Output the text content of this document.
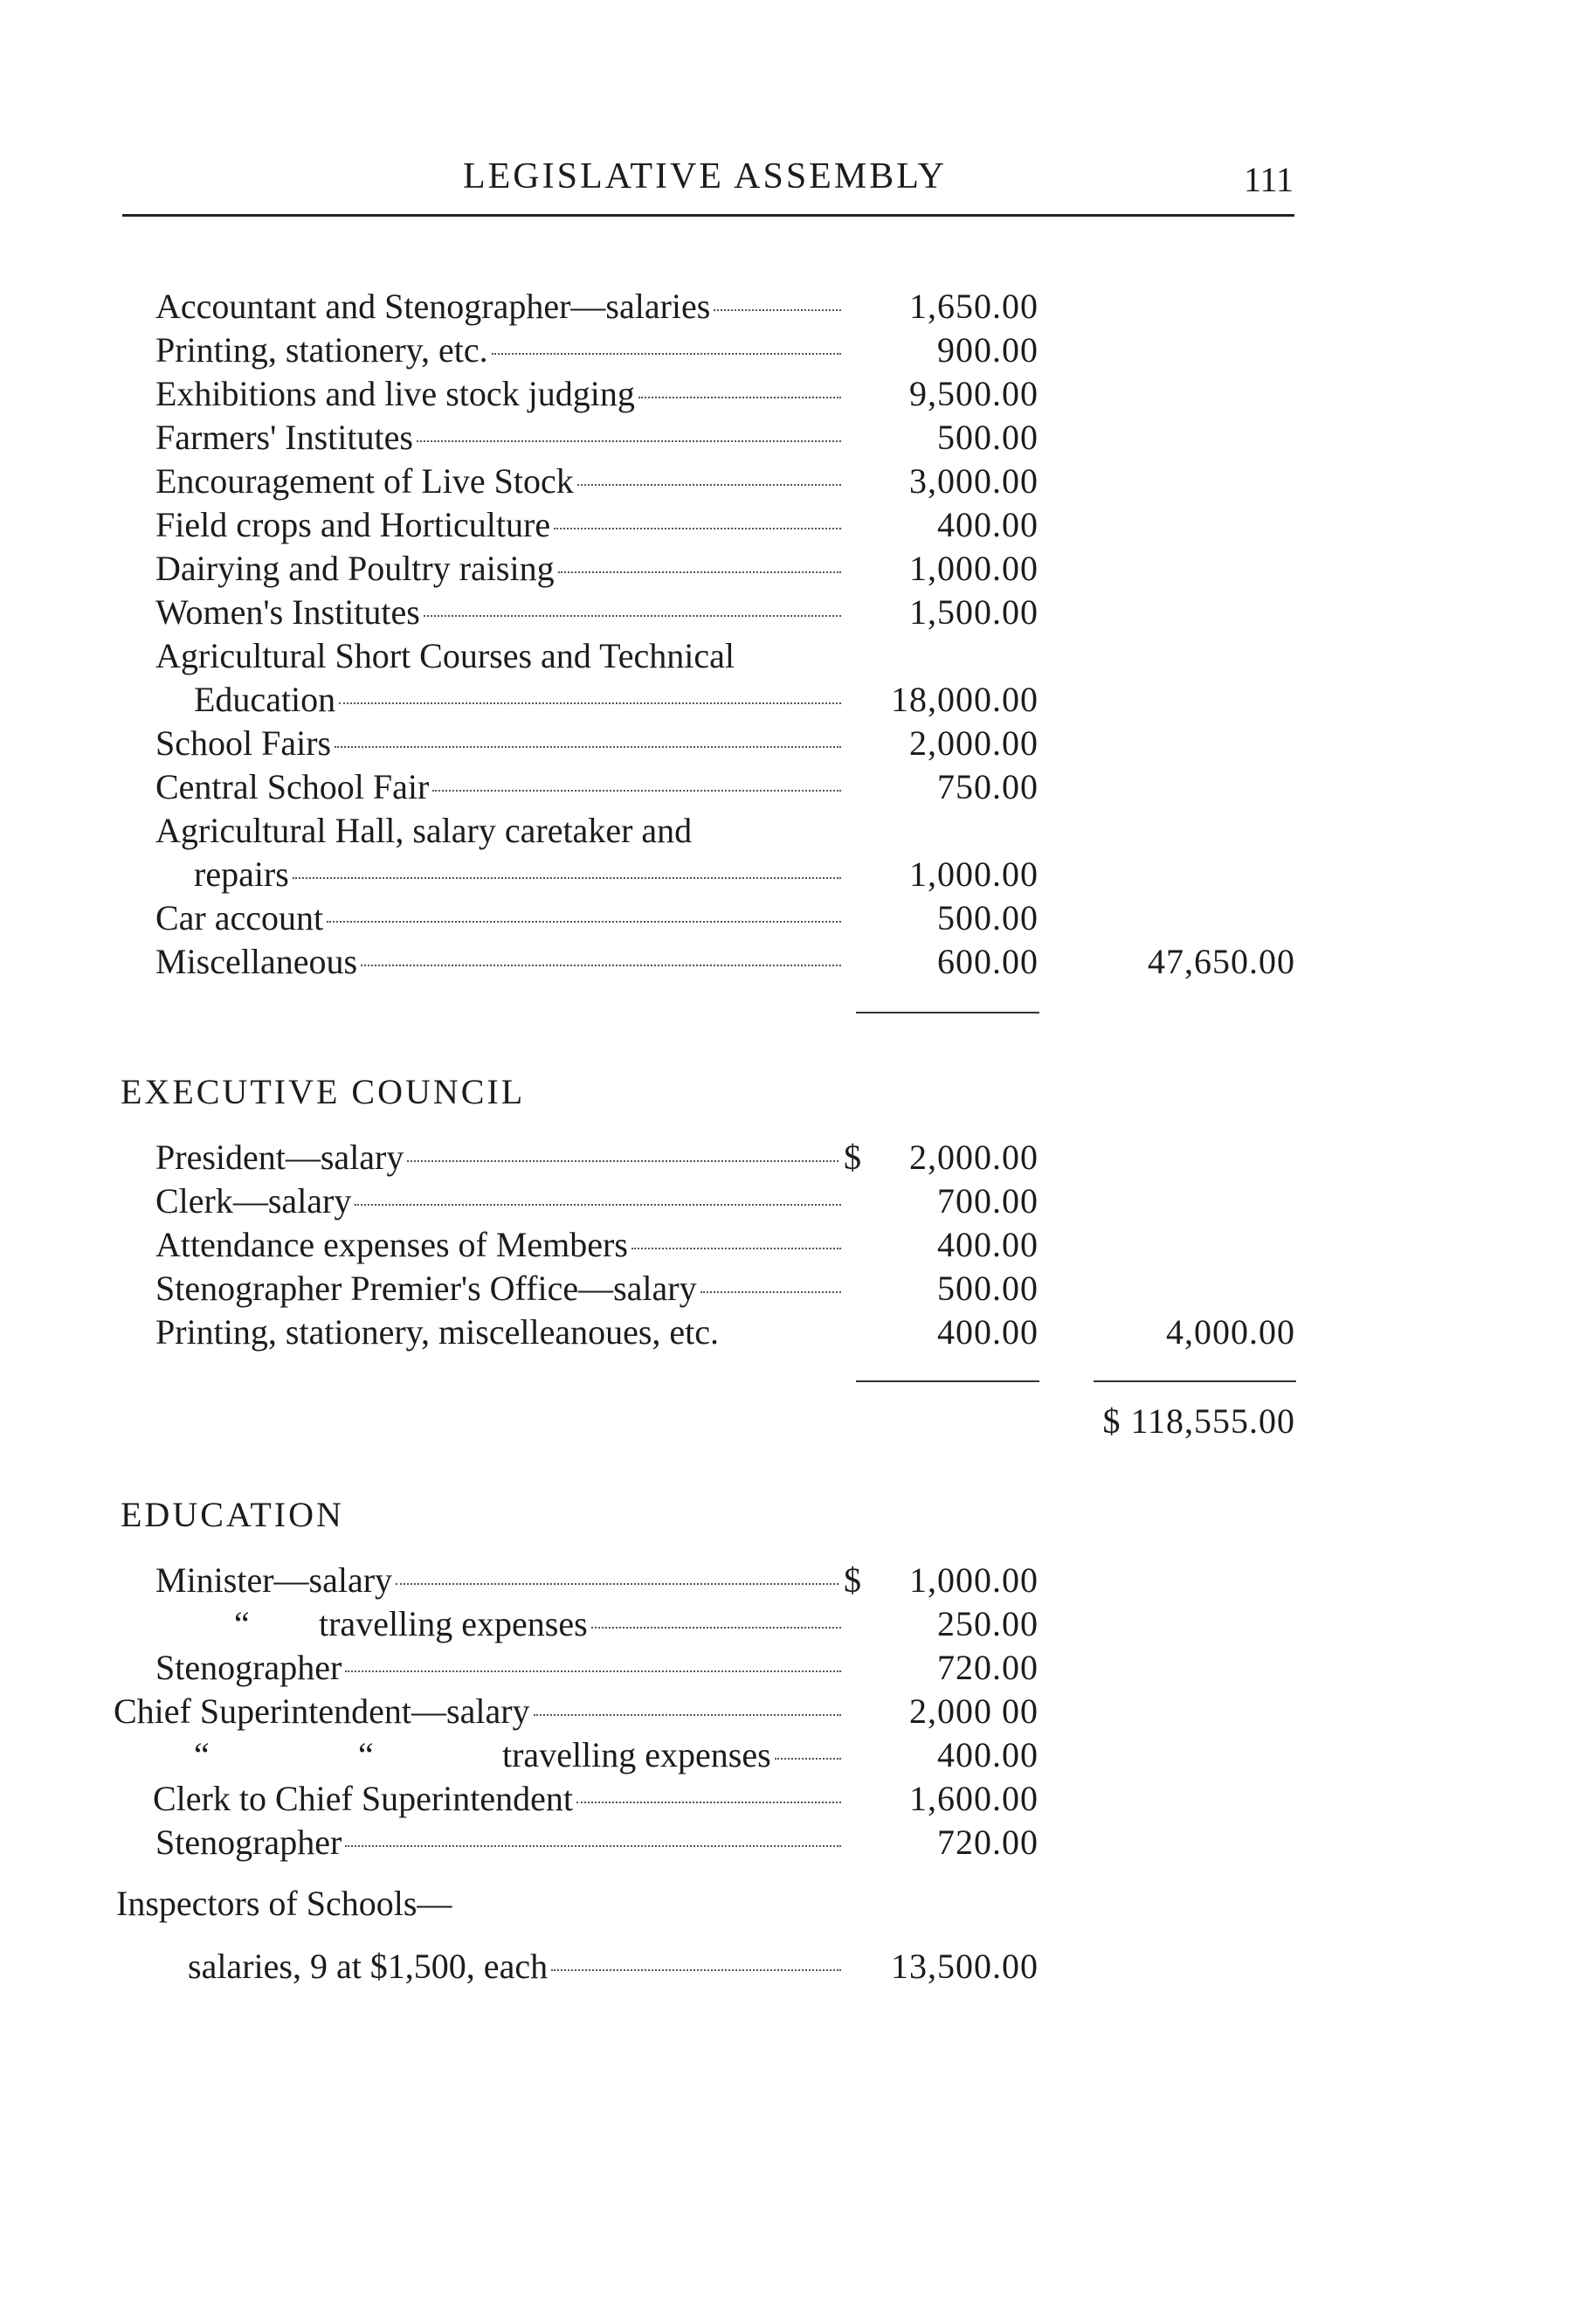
LEGISLATIVE ASSEMBLY	111
Accountant and Stenographer—salaries	1,650.00
Printing, stationery, etc.	900.00
Exhibitions and live stock judging	9,500.00
Farmers' Institutes	500.00
Encouragement of Live Stock	3,000.00
Field crops and Horticulture	400.00
Dairying and Poultry raising	1,000.00
Women's Institutes	1,500.00
Agricultural Short Courses and Technical
Education	18,000.00
School Fairs	2,000.00
Central School Fair	750.00
Agricultural Hall, salary caretaker and
repairs	1,000.00
Car account	500.00
Miscellaneous	600.00	47,650.00
EXECUTIVE COUNCIL
President—salary	$ 2,000.00
Clerk—salary	700.00
Attendance expenses of Members	400.00
Stenographer Premier's Office—salary	500.00
Printing, stationery, miscelleanoues, etc.	400.00	4,000.00
$ 118,555.00
EDUCATION
Minister—salary	$ 1,000.00
“ travelling expenses	250.00
Stenographer	720.00
Chief Superintendent—salary	2,000 00
“	“	travelling expenses	400.00
Clerk to Chief Superintendent	1,600.00
Stenographer	720.00
Inspectors of Schools—
salaries, 9 at $1,500, each	13,500.00
